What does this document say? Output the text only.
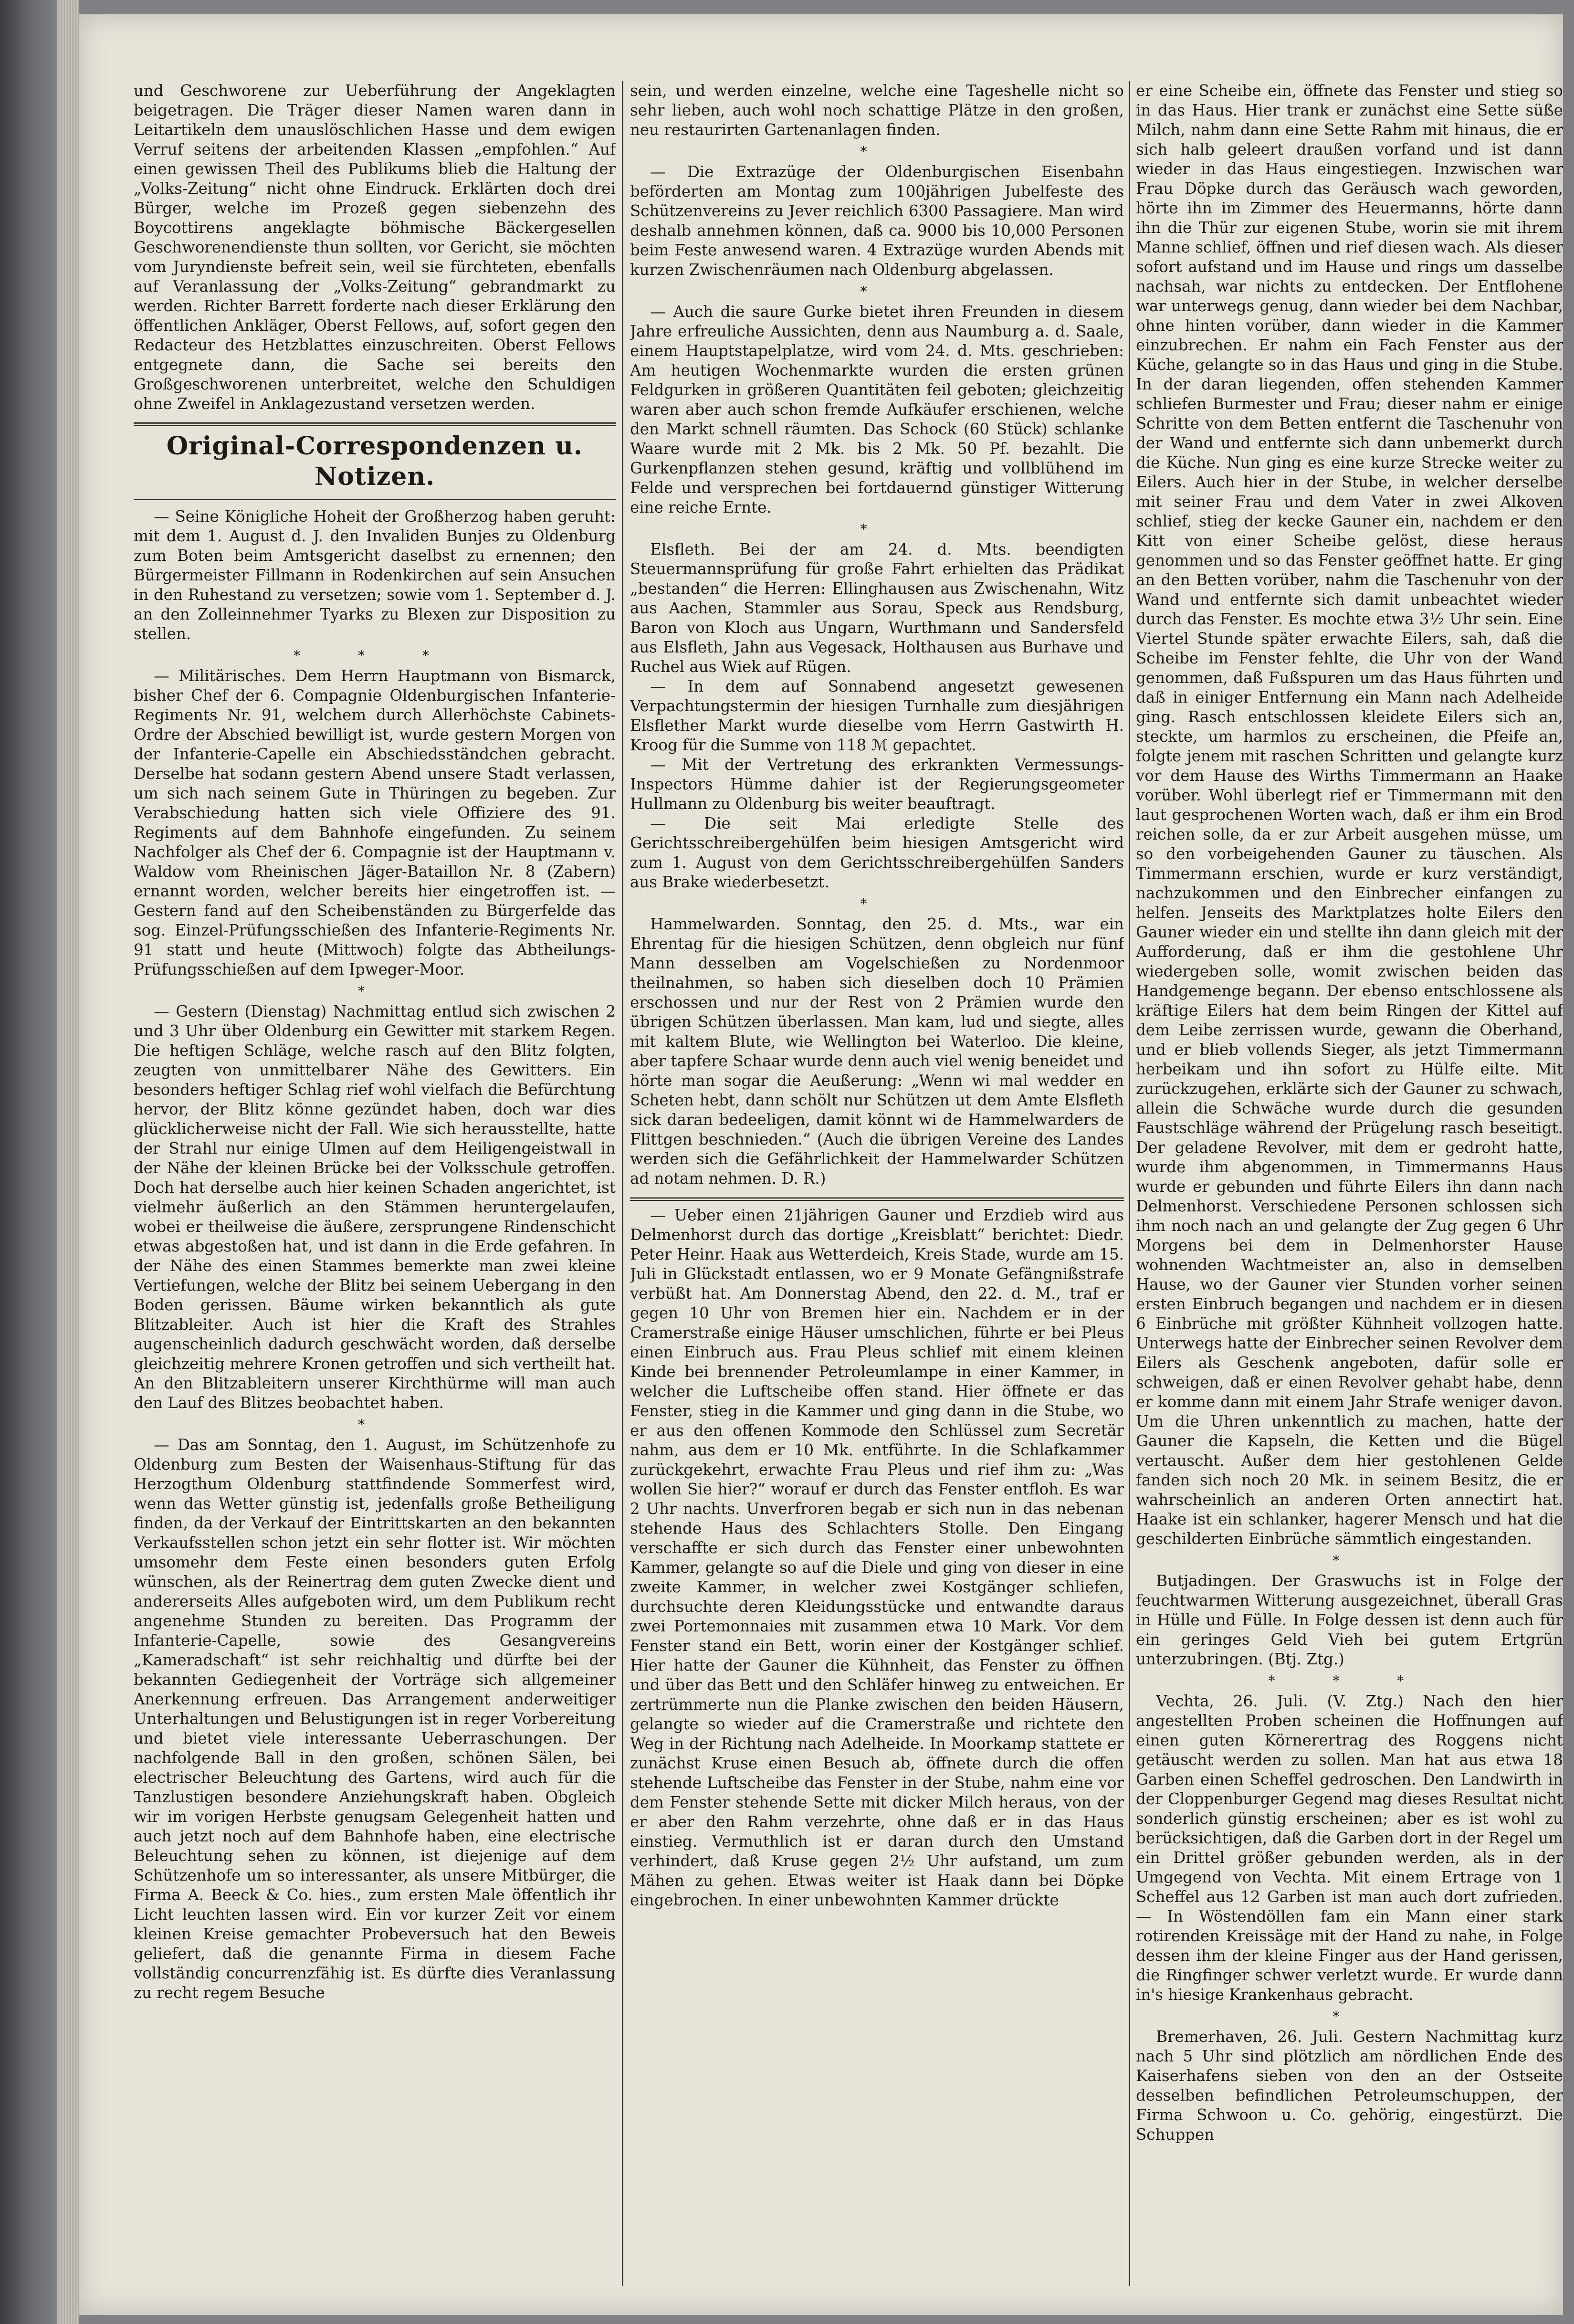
und Geschworene zur Ueberführung der Angeklagten beigetragen. Die Träger dieser Namen waren dann in Leitartikeln dem unauslöschlichen Hasse und dem ewigen Verruf seitens der arbeitenden Klassen „empfohlen.“ Auf einen gewissen Theil des Publikums blieb die Haltung der „Volks-Zeitung“ nicht ohne Eindruck. Erklärten doch drei Bürger, welche im Prozeß gegen siebenzehn des Boycottirens angeklagte böhmische Bäckergesellen Geschworenendienste thun sollten, vor Gericht, sie möchten vom Juryndienste befreit sein, weil sie fürchteten, ebenfalls auf Veranlassung der „Volks-Zeitung“ gebrandmarkt zu werden. Richter Barrett forderte nach dieser Erklärung den öffentlichen Ankläger, Oberst Fellows, auf, sofort gegen den Redacteur des Hetzblattes einzuschreiten. Oberst Fellows entgegnete dann, die Sache sei bereits den Großgeschworenen unterbreitet, welche den Schuldigen ohne Zweifel in Anklagezustand versetzen werden.

Original-Correspondenzen u. Notizen.

— Seine Königliche Hoheit der Großherzog haben geruht: mit dem 1. August d. J. den Invaliden Bunjes zu Oldenburg zum Boten beim Amtsgericht daselbst zu ernennen; den Bürgermeister Fillmann in Rodenkirchen auf sein Ansuchen in den Ruhestand zu versetzen; sowie vom 1. September d. J. an den Zolleinnehmer Tyarks zu Blexen zur Disposition zu stellen.

* * *

— Militärisches. Dem Herrn Hauptmann von Bismarck, bisher Chef der 6. Compagnie Oldenburgischen Infanterie-Regiments Nr. 91, welchem durch Allerhöchste Cabinets-Ordre der Abschied bewilligt ist, wurde gestern Morgen von der Infanterie-Capelle ein Abschiedsständchen gebracht. Derselbe hat sodann gestern Abend unsere Stadt verlassen, um sich nach seinem Gute in Thüringen zu begeben. Zur Verabschiedung hatten sich viele Offiziere des 91. Regiments auf dem Bahnhofe eingefunden. Zu seinem Nachfolger als Chef der 6. Compagnie ist der Hauptmann v. Waldow vom Rheinischen Jäger-Bataillon Nr. 8 (Zabern) ernannt worden, welcher bereits hier eingetroffen ist. — Gestern fand auf den Scheibenständen zu Bürgerfelde das sog. Einzel-Prüfungsschießen des Infanterie-Regiments Nr. 91 statt und heute (Mittwoch) folgte das Abtheilungs-Prüfungsschießen auf dem Ipweger-Moor.

*

— Gestern (Dienstag) Nachmittag entlud sich zwischen 2 und 3 Uhr über Oldenburg ein Gewitter mit starkem Regen. Die heftigen Schläge, welche rasch auf den Blitz folgten, zeugten von unmittelbarer Nähe des Gewitters. Ein besonders heftiger Schlag rief wohl vielfach die Befürchtung hervor, der Blitz könne gezündet haben, doch war dies glücklicherweise nicht der Fall. Wie sich herausstellte, hatte der Strahl nur einige Ulmen auf dem Heiligengeistwall in der Nähe der kleinen Brücke bei der Volksschule getroffen. Doch hat derselbe auch hier keinen Schaden angerichtet, ist vielmehr äußerlich an den Stämmen heruntergelaufen, wobei er theilweise die äußere, zersprungene Rindenschicht etwas abgestoßen hat, und ist dann in die Erde gefahren. In der Nähe des einen Stammes bemerkte man zwei kleine Vertiefungen, welche der Blitz bei seinem Uebergang in den Boden gerissen. Bäume wirken bekanntlich als gute Blitzableiter. Auch ist hier die Kraft des Strahles augenscheinlich dadurch geschwächt worden, daß derselbe gleichzeitig mehrere Kronen getroffen und sich vertheilt hat. An den Blitzableitern unserer Kirchthürme will man auch den Lauf des Blitzes beobachtet haben.

*

— Das am Sonntag, den 1. August, im Schützenhofe zu Oldenburg zum Besten der Waisenhaus-Stiftung für das Herzogthum Oldenburg stattfindende Sommerfest wird, wenn das Wetter günstig ist, jedenfalls große Betheiligung finden, da der Verkauf der Eintrittskarten an den bekannten Verkaufsstellen schon jetzt ein sehr flotter ist. Wir möchten umsomehr dem Feste einen besonders guten Erfolg wünschen, als der Reinertrag dem guten Zwecke dient und andererseits Alles aufgeboten wird, um dem Publikum recht angenehme Stunden zu bereiten. Das Programm der Infanterie-Capelle, sowie des Gesangvereins „Kameradschaft“ ist sehr reichhaltig und dürfte bei der bekannten Gediegenheit der Vorträge sich allgemeiner Anerkennung erfreuen. Das Arrangement anderweitiger Unterhaltungen und Belustigungen ist in reger Vorbereitung und bietet viele interessante Ueberraschungen. Der nachfolgende Ball in den großen, schönen Sälen, bei electrischer Beleuchtung des Gartens, wird auch für die Tanzlustigen besondere Anziehungskraft haben. Obgleich wir im vorigen Herbste genugsam Gelegenheit hatten und auch jetzt noch auf dem Bahnhofe haben, eine electrische Beleuchtung sehen zu können, ist diejenige auf dem Schützenhofe um so interessanter, als unsere Mitbürger, die Firma A. Beeck & Co. hies., zum ersten Male öffentlich ihr Licht leuchten lassen wird. Ein vor kurzer Zeit vor einem kleinen Kreise gemachter Probeversuch hat den Beweis geliefert, daß die genannte Firma in diesem Fache vollständig concurrenzfähig ist. Es dürfte dies Veranlassung zu recht regem Besuche

sein, und werden einzelne, welche eine Tageshelle nicht so sehr lieben, auch wohl noch schattige Plätze in den großen, neu restaurirten Gartenanlagen finden.

*

— Die Extrazüge der Oldenburgischen Eisenbahn beförderten am Montag zum 100jährigen Jubelfeste des Schützenvereins zu Jever reichlich 6300 Passagiere. Man wird deshalb annehmen können, daß ca. 9000 bis 10,000 Personen beim Feste anwesend waren. 4 Extrazüge wurden Abends mit kurzen Zwischenräumen nach Oldenburg abgelassen.

*

— Auch die saure Gurke bietet ihren Freunden in diesem Jahre erfreuliche Aussichten, denn aus Naumburg a. d. Saale, einem Hauptstapelplatze, wird vom 24. d. Mts. geschrieben: Am heutigen Wochenmarkte wurden die ersten grünen Feldgurken in größeren Quantitäten feil geboten; gleichzeitig waren aber auch schon fremde Aufkäufer erschienen, welche den Markt schnell räumten. Das Schock (60 Stück) schlanke Waare wurde mit 2 Mk. bis 2 Mk. 50 Pf. bezahlt. Die Gurkenpflanzen stehen gesund, kräftig und vollblühend im Felde und versprechen bei fortdauernd günstiger Witterung eine reiche Ernte.

*

Elsfleth. Bei der am 24. d. Mts. beendigten Steuermannsprüfung für große Fahrt erhielten das Prädikat „bestanden“ die Herren: Ellinghausen aus Zwischenahn, Witz aus Aachen, Stammler aus Sorau, Speck aus Rendsburg, Baron von Kloch aus Ungarn, Wurthmann und Sandersfeld aus Elsfleth, Jahn aus Vegesack, Holthausen aus Burhave und Ruchel aus Wiek auf Rügen.

— In dem auf Sonnabend angesetzt gewesenen Verpachtungstermin der hiesigen Turnhalle zum diesjährigen Elsflether Markt wurde dieselbe vom Herrn Gastwirth H. Kroog für die Summe von 118 ℳ gepachtet.

— Mit der Vertretung des erkrankten Vermessungs-Inspectors Hümme dahier ist der Regierungsgeometer Hullmann zu Oldenburg bis weiter beauftragt.

— Die seit Mai erledigte Stelle des Gerichtsschreibergehülfen beim hiesigen Amtsgericht wird zum 1. August von dem Gerichtsschreibergehülfen Sanders aus Brake wiederbesetzt.

*

Hammelwarden. Sonntag, den 25. d. Mts., war ein Ehrentag für die hiesigen Schützen, denn obgleich nur fünf Mann desselben am Vogelschießen zu Nordenmoor theilnahmen, so haben sich dieselben doch 10 Prämien erschossen und nur der Rest von 2 Prämien wurde den übrigen Schützen überlassen. Man kam, lud und siegte, alles mit kaltem Blute, wie Wellington bei Waterloo. Die kleine, aber tapfere Schaar wurde denn auch viel wenig beneidet und hörte man sogar die Aeußerung: „Wenn wi mal wedder en Scheten hebt, dann schölt nur Schützen ut dem Amte Elsfleth sick daran bedeeligen, damit könnt wi de Hammelwarders de Flittgen beschnieden.“ (Auch die übrigen Vereine des Landes werden sich die Gefährlichkeit der Hammelwarder Schützen ad notam nehmen. D. R.)

— Ueber einen 21jährigen Gauner und Erzdieb wird aus Delmenhorst durch das dortige „Kreisblatt“ berichtet: Diedr. Peter Heinr. Haak aus Wetterdeich, Kreis Stade, wurde am 15. Juli in Glückstadt entlassen, wo er 9 Monate Gefängnißstrafe verbüßt hat. Am Donnerstag Abend, den 22. d. M., traf er gegen 10 Uhr von Bremen hier ein. Nachdem er in der Cramerstraße einige Häuser umschlichen, führte er bei Pleus einen Einbruch aus. Frau Pleus schlief mit einem kleinen Kinde bei brennender Petroleumlampe in einer Kammer, in welcher die Luftscheibe offen stand. Hier öffnete er das Fenster, stieg in die Kammer und ging dann in die Stube, wo er aus den offenen Kommode den Schlüssel zum Secretär nahm, aus dem er 10 Mk. entführte. In die Schlafkammer zurückgekehrt, erwachte Frau Pleus und rief ihm zu: „Was wollen Sie hier?“ worauf er durch das Fenster entfloh. Es war 2 Uhr nachts. Unverfroren begab er sich nun in das nebenan stehende Haus des Schlachters Stolle. Den Eingang verschaffte er sich durch das Fenster einer unbewohnten Kammer, gelangte so auf die Diele und ging von dieser in eine zweite Kammer, in welcher zwei Kostgänger schliefen, durchsuchte deren Kleidungsstücke und entwandte daraus zwei Portemonnaies mit zusammen etwa 10 Mark. Vor dem Fenster stand ein Bett, worin einer der Kostgänger schlief. Hier hatte der Gauner die Kühnheit, das Fenster zu öffnen und über das Bett und den Schläfer hinweg zu entweichen. Er zertrümmerte nun die Planke zwischen den beiden Häusern, gelangte so wieder auf die Cramerstraße und richtete den Weg in der Richtung nach Adelheide. In Moorkamp stattete er zunächst Kruse einen Besuch ab, öffnete durch die offen stehende Luftscheibe das Fenster in der Stube, nahm eine vor dem Fenster stehende Sette mit dicker Milch heraus, von der er aber den Rahm verzehrte, ohne daß er in das Haus einstieg. Vermuthlich ist er daran durch den Umstand verhindert, daß Kruse gegen 2½ Uhr aufstand, um zum Mähen zu gehen. Etwas weiter ist Haak dann bei Döpke eingebrochen. In einer unbewohnten Kammer drückte

er eine Scheibe ein, öffnete das Fenster und stieg so in das Haus. Hier trank er zunächst eine Sette süße Milch, nahm dann eine Sette Rahm mit hinaus, die er sich halb geleert draußen vorfand und ist dann wieder in das Haus eingestiegen. Inzwischen war Frau Döpke durch das Geräusch wach geworden, hörte ihn im Zimmer des Heuermanns, hörte dann ihn die Thür zur eigenen Stube, worin sie mit ihrem Manne schlief, öffnen und rief diesen wach. Als dieser sofort aufstand und im Hause und rings um dasselbe nachsah, war nichts zu entdecken. Der Entflohene war unterwegs genug, dann wieder bei dem Nachbar, ohne hinten vorüber, dann wieder in die Kammer einzubrechen. Er nahm ein Fach Fenster aus der Küche, gelangte so in das Haus und ging in die Stube. In der daran liegenden, offen stehenden Kammer schliefen Burmester und Frau; dieser nahm er einige Schritte von dem Betten entfernt die Taschenuhr von der Wand und entfernte sich dann unbemerkt durch die Küche. Nun ging es eine kurze Strecke weiter zu Eilers. Auch hier in der Stube, in welcher derselbe mit seiner Frau und dem Vater in zwei Alkoven schlief, stieg der kecke Gauner ein, nachdem er den Kitt von einer Scheibe gelöst, diese heraus genommen und so das Fenster geöffnet hatte. Er ging an den Betten vorüber, nahm die Taschenuhr von der Wand und entfernte sich damit unbeachtet wieder durch das Fenster. Es mochte etwa 3½ Uhr sein. Eine Viertel Stunde später erwachte Eilers, sah, daß die Scheibe im Fenster fehlte, die Uhr von der Wand genommen, daß Fußspuren um das Haus führten und daß in einiger Entfernung ein Mann nach Adelheide ging. Rasch entschlossen kleidete Eilers sich an, steckte, um harmlos zu erscheinen, die Pfeife an, folgte jenem mit raschen Schritten und gelangte kurz vor dem Hause des Wirths Timmermann an Haake vorüber. Wohl überlegt rief er Timmermann mit den laut gesprochenen Worten wach, daß er ihm ein Brod reichen solle, da er zur Arbeit ausgehen müsse, um so den vorbeigehenden Gauner zu täuschen. Als Timmermann erschien, wurde er kurz verständigt, nachzukommen und den Einbrecher einfangen zu helfen. Jenseits des Marktplatzes holte Eilers den Gauner wieder ein und stellte ihn dann gleich mit der Aufforderung, daß er ihm die gestohlene Uhr wiedergeben solle, womit zwischen beiden das Handgemenge begann. Der ebenso entschlossene als kräftige Eilers hat dem beim Ringen der Kittel auf dem Leibe zerrissen wurde, gewann die Oberhand, und er blieb vollends Sieger, als jetzt Timmermann herbeikam und ihn sofort zu Hülfe eilte. Mit zurückzugehen, erklärte sich der Gauner zu schwach, allein die Schwäche wurde durch die gesunden Faustschläge während der Prügelung rasch beseitigt. Der geladene Revolver, mit dem er gedroht hatte, wurde ihm abgenommen, in Timmermanns Haus wurde er gebunden und führte Eilers ihn dann nach Delmenhorst. Verschiedene Personen schlossen sich ihm noch nach an und gelangte der Zug gegen 6 Uhr Morgens bei dem in Delmenhorster Hause wohnenden Wachtmeister an, also in demselben Hause, wo der Gauner vier Stunden vorher seinen ersten Einbruch begangen und nachdem er in diesen 6 Einbrüche mit größter Kühnheit vollzogen hatte. Unterwegs hatte der Einbrecher seinen Revolver dem Eilers als Geschenk angeboten, dafür solle er schweigen, daß er einen Revolver gehabt habe, denn er komme dann mit einem Jahr Strafe weniger davon. Um die Uhren unkenntlich zu machen, hatte der Gauner die Kapseln, die Ketten und die Bügel vertauscht. Außer dem hier gestohlenen Gelde fanden sich noch 20 Mk. in seinem Besitz, die er wahrscheinlich an anderen Orten annectirt hat. Haake ist ein schlanker, hagerer Mensch und hat die geschilderten Einbrüche sämmtlich eingestanden.

*

Butjadingen. Der Graswuchs ist in Folge der feuchtwarmen Witterung ausgezeichnet, überall Gras in Hülle und Fülle. In Folge dessen ist denn auch für ein geringes Geld Vieh bei gutem Ertgrün unterzubringen. (Btj. Ztg.)

* * *

Vechta, 26. Juli. (V. Ztg.) Nach den hier angestellten Proben scheinen die Hoffnungen auf einen guten Körnerertrag des Roggens nicht getäuscht werden zu sollen. Man hat aus etwa 18 Garben einen Scheffel gedroschen. Den Landwirth in der Cloppenburger Gegend mag dieses Resultat nicht sonderlich günstig erscheinen; aber es ist wohl zu berücksichtigen, daß die Garben dort in der Regel um ein Drittel größer gebunden werden, als in der Umgegend von Vechta. Mit einem Ertrage von 1 Scheffel aus 12 Garben ist man auch dort zufrieden. — In Wöstendöllen fam ein Mann einer stark rotirenden Kreissäge mit der Hand zu nahe, in Folge dessen ihm der kleine Finger aus der Hand gerissen, die Ringfinger schwer verletzt wurde. Er wurde dann in's hiesige Krankenhaus gebracht.

*

Bremerhaven, 26. Juli. Gestern Nachmittag kurz nach 5 Uhr sind plötzlich am nördlichen Ende des Kaiserhafens sieben von den an der Ostseite desselben befindlichen Petroleumschuppen, der Firma Schwoon u. Co. gehörig, eingestürzt. Die Schuppen
